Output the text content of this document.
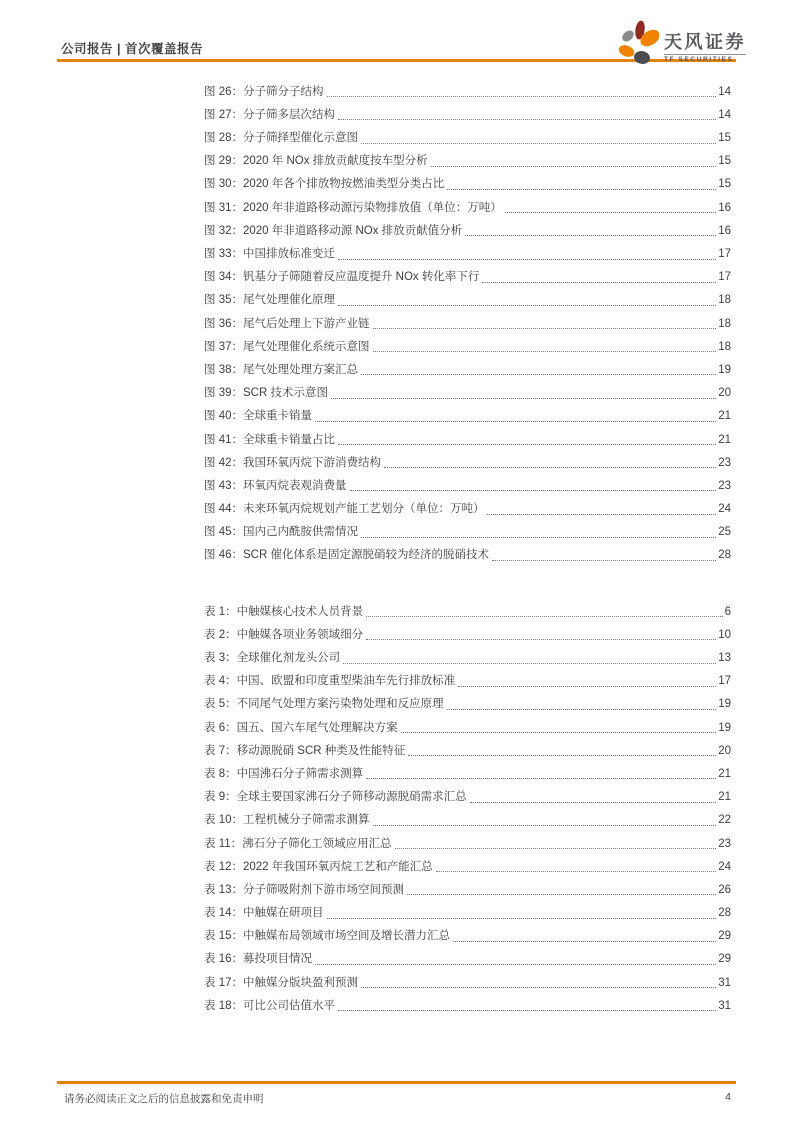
公司报告 | 首次覆盖报告	天风证券
TF SECURITIES
图 26：分子筛分子结构	14
图 27：分子筛多层次结构	14
图 28：分子筛择型催化示意图	15
图 29：2020 年 NOx 排放贡献度按车型分析	15
图 30：2020 年各个排放物按燃油类型分类占比	15
图 31：2020 年非道路移动源污染物排放值（单位：万吨）	16
图 32：2020 年非道路移动源 NOx 排放贡献值分析	16
图 33：中国排放标准变迁	17
图 34：钒基分子筛随着反应温度提升 NOx 转化率下行	17
图 35：尾气处理催化原理	18
图 36：尾气后处理上下游产业链	18
图 37：尾气处理催化系统示意图	18
图 38：尾气处理处理方案汇总	19
图 39：SCR 技术示意图	20
图 40：全球重卡销量	21
图 41：全球重卡销量占比	21
图 42：我国环氧丙烷下游消费结构	23
图 43：环氧丙烷表观消费量	23
图 44：未来环氧丙烷规划产能工艺划分（单位：万吨）	24
图 45：国内己内酰胺供需情况	25
图 46：SCR 催化体系是固定源脱硝较为经济的脱硝技术	28
表 1：中触媒核心技术人员背景	6
表 2：中触媒各项业务领域细分	10
表 3：全球催化剂龙头公司	13
表 4：中国、欧盟和印度重型柴油车先行排放标准	17
表 5：不同尾气处理方案污染物处理和反应原理	19
表 6：国五、国六车尾气处理解决方案	19
表 7：移动源脱硝 SCR 种类及性能特征	20
表 8：中国沸石分子筛需求测算	21
表 9：全球主要国家沸石分子筛移动源脱硝需求汇总	21
表 10：工程机械分子筛需求测算	22
表 11：沸石分子筛化工领域应用汇总	23
表 12：2022 年我国环氧丙烷工艺和产能汇总	24
表 13：分子筛吸附剂下游市场空间预测	26
表 14：中触媒在研项目	28
表 15：中触媒布局领域市场空间及增长潜力汇总	29
表 16：募投项目情况	29
表 17：中触媒分版块盈利预测	31
表 18：可比公司估值水平	31
请务必阅读正文之后的信息披露和免责申明	4
